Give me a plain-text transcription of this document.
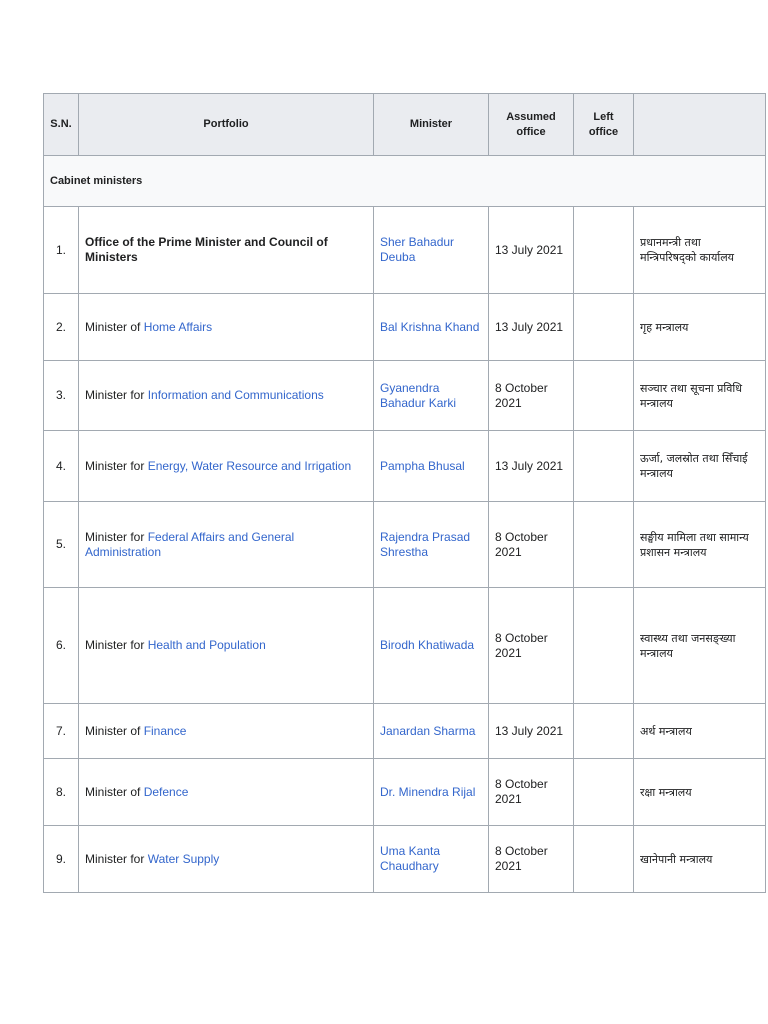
S.N.	Portfolio	Minister	Assumed office	Left office	
Cabinet ministers					
1.	Office of the Prime Minister and Council of Ministers	Sher Bahadur Deuba	13 July 2021		प्रधानमन्त्री तथा मन्त्रिपरिषद्को कार्यालय
2.	Minister of Home Affairs	Bal Krishna Khand	13 July 2021		गृह मन्त्रालय
3.	Minister for Information and Communications	Gyanendra Bahadur Karki	8 October 2021		सञ्चार तथा सूचना प्रविधि मन्त्रालय
4.	Minister for Energy, Water Resource and Irrigation	Pampha Bhusal	13 July 2021		ऊर्जा, जलस्रोत तथा सिँचाई मन्त्रालय
5.	Minister for Federal Affairs and General Administration	Rajendra Prasad Shrestha	8 October 2021		सङ्घीय मामिला तथा सामान्य प्रशासन मन्त्रालय
6.	Minister for Health and Population	Birodh Khatiwada	8 October 2021		स्वास्थ्य तथा जनसङ्ख्या मन्त्रालय
7.	Minister of Finance	Janardan Sharma	13 July 2021		अर्थ मन्त्रालय
8.	Minister of Defence	Dr. Minendra Rijal	8 October 2021		रक्षा मन्त्रालय
9.	Minister for Water Supply	Uma Kanta Chaudhary	8 October 2021		खानेपानी मन्त्रालय
